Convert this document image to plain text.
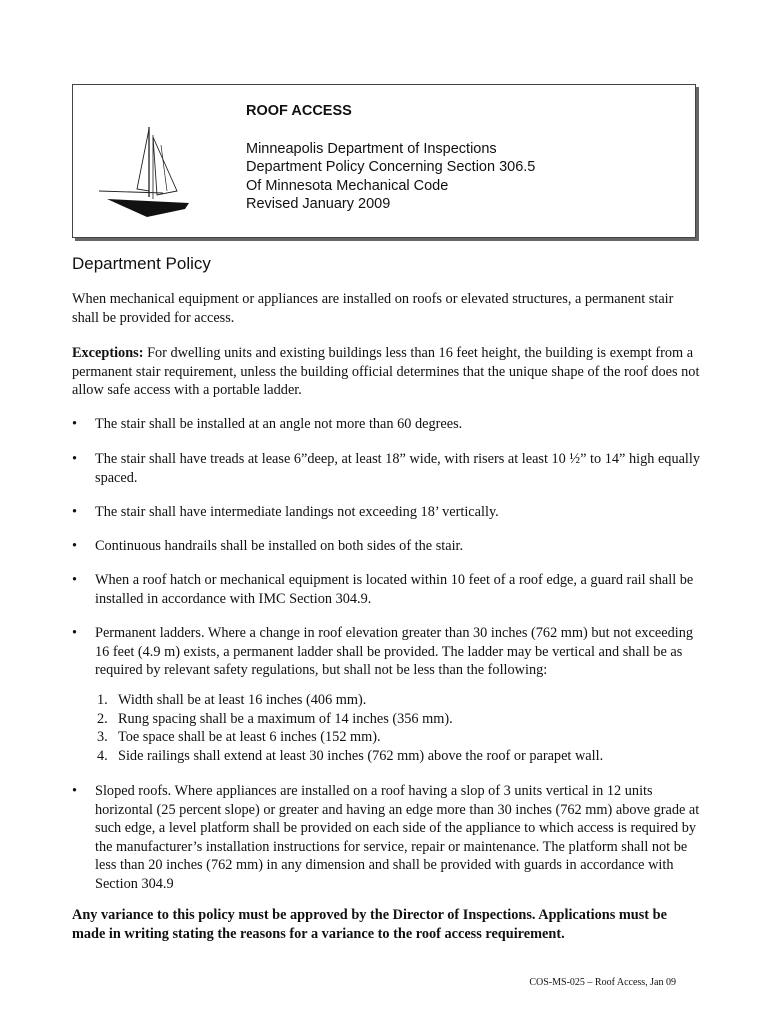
ROOF ACCESS
Minneapolis Department of Inspections
Department Policy Concerning Section 306.5
Of Minnesota Mechanical Code
Revised January 2009
Department Policy
When mechanical equipment or appliances are installed on roofs or elevated structures, a permanent stair shall be provided for access.
Exceptions: For dwelling units and existing buildings less than 16 feet height, the building is exempt from a permanent stair requirement, unless the building official determines that the unique shape of the roof does not allow safe access with a portable ladder.
•	The stair shall be installed at an angle not more than 60 degrees.
•	The stair shall have treads at lease 6”deep, at least 18” wide, with risers at least 10 ½” to 14” high equally spaced.
•	The stair shall have intermediate landings not exceeding 18’ vertically.
•	Continuous handrails shall be installed on both sides of the stair.
•	When a roof hatch or mechanical equipment is located within 10 feet of a roof edge, a guard rail shall be installed in accordance with IMC Section 304.9.
•	Permanent ladders. Where a change in roof elevation greater than 30 inches (762 mm) but not exceeding 16 feet (4.9 m) exists, a permanent ladder shall be provided. The ladder may be vertical and shall be as required by relevant safety regulations, but shall not be less than the following:
1. Width shall be at least 16 inches (406 mm).
2. Rung spacing shall be a maximum of 14 inches (356 mm).
3. Toe space shall be at least 6 inches (152 mm).
4. Side railings shall extend at least 30 inches (762 mm) above the roof or parapet wall.
•	Sloped roofs. Where appliances are installed on a roof having a slop of 3 units vertical in 12 units horizontal (25 percent slope) or greater and having an edge more than 30 inches (762 mm) above grade at such edge, a level platform shall be provided on each side of the appliance to which access is required by the manufacturer’s installation instructions for service, repair or maintenance. The platform shall not be less than 20 inches (762 mm) in any dimension and shall be provided with guards in accordance with Section 304.9
Any variance to this policy must be approved by the Director of Inspections. Applications must be made in writing stating the reasons for a variance to the roof access requirement.
COS-MS-025 – Roof Access, Jan 09
